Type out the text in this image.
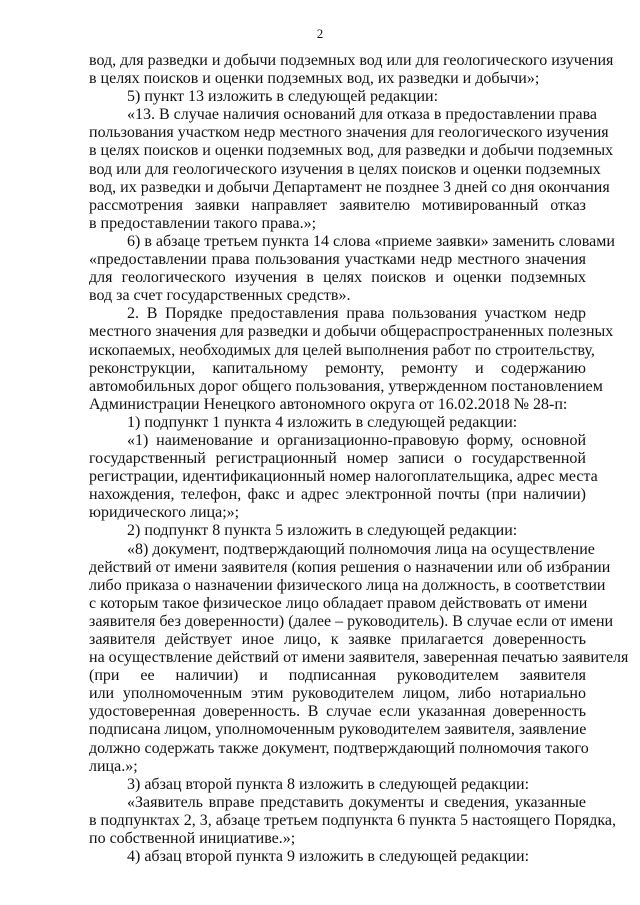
2
вод, для разведки и добычи подземных вод или для геологического изучения
в целях поисков и оценки подземных вод, их разведки и добычи»;
5) пункт 13 изложить в следующей редакции:
«13. В случае наличия оснований для отказа в предоставлении права
пользования участком недр местного значения для геологического изучения
в целях поисков и оценки подземных вод, для разведки и добычи подземных
вод или для геологического изучения в целях поисков и оценки подземных
вод, их разведки и добычи Департамент не позднее 3 дней со дня окончания
рассмотрения заявки направляет заявителю мотивированный отказ
в предоставлении такого права.»;
6) в абзаце третьем пункта 14 слова «приеме заявки» заменить словами
«предоставлении права пользования участками недр местного значения
для геологического изучения в целях поисков и оценки подземных
вод за счет государственных средств».
2. В Порядке предоставления права пользования участком недр
местного значения для разведки и добычи общераспространенных полезных
ископаемых, необходимых для целей выполнения работ по строительству,
реконструкции, капитальному ремонту, ремонту и содержанию
автомобильных дорог общего пользования, утвержденном постановлением
Администрации Ненецкого автономного округа от 16.02.2018 № 28-п:
1) подпункт 1 пункта 4 изложить в следующей редакции:
«1) наименование и организационно-правовую форму, основной
государственный регистрационный номер записи о государственной
регистрации, идентификационный номер налогоплательщика, адрес места
нахождения, телефон, факс и адрес электронной почты (при наличии)
юридического лица;»;
2) подпункт 8 пункта 5 изложить в следующей редакции:
«8) документ, подтверждающий полномочия лица на осуществление
действий от имени заявителя (копия решения о назначении или об избрании
либо приказа о назначении физического лица на должность, в соответствии
с которым такое физическое лицо обладает правом действовать от имени
заявителя без доверенности) (далее – руководитель). В случае если от имени
заявителя действует иное лицо, к заявке прилагается доверенность
на осуществление действий от имени заявителя, заверенная печатью заявителя
(при ее наличии) и подписанная руководителем заявителя
или уполномоченным этим руководителем лицом, либо нотариально
удостоверенная доверенность. В случае если указанная доверенность
подписана лицом, уполномоченным руководителем заявителя, заявление
должно содержать также документ, подтверждающий полномочия такого
лица.»;
3) абзац второй пункта 8 изложить в следующей редакции:
«Заявитель вправе представить документы и сведения, указанные
в подпунктах 2, 3, абзаце третьем подпункта 6 пункта 5 настоящего Порядка,
по собственной инициативе.»;
4) абзац второй пункта 9 изложить в следующей редакции:
